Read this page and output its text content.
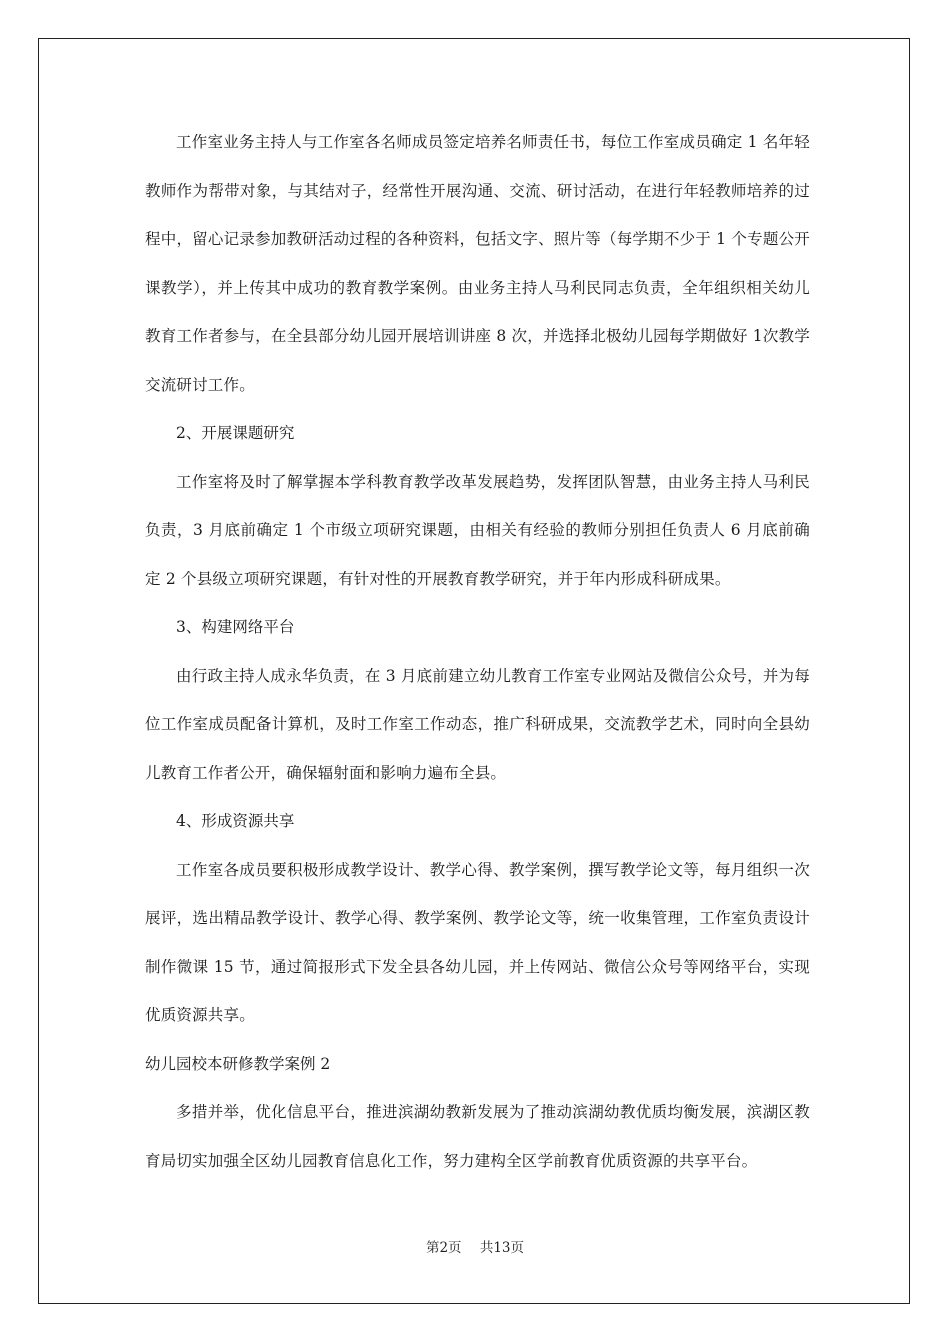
工作室业务主持人与工作室各名师成员签定培养名师责任书，每位工作室成员确定 1 名年轻教师作为帮带对象，与其结对子，经常性开展沟通、交流、研讨活动，在进行年轻教师培养的过程中，留心记录参加教研活动过程的各种资料，包括文字、照片等（每学期不少于 1 个专题公开课教学），并上传其中成功的教育教学案例。由业务主持人马利民同志负责，全年组织相关幼儿教育工作者参与，在全县部分幼儿园开展培训讲座 8 次，并选择北极幼儿园每学期做好 1次教学交流研讨工作。

2、开展课题研究

工作室将及时了解掌握本学科教育教学改革发展趋势，发挥团队智慧，由业务主持人马利民负责，3 月底前确定 1 个市级立项研究课题，由相关有经验的教师分别担任负责人 6 月底前确定 2 个县级立项研究课题，有针对性的开展教育教学研究，并于年内形成科研成果。

3、构建网络平台

由行政主持人成永华负责，在 3 月底前建立幼儿教育工作室专业网站及微信公众号，并为每位工作室成员配备计算机，及时工作室工作动态，推广科研成果，交流教学艺术，同时向全县幼儿教育工作者公开，确保辐射面和影响力遍布全县。

4、形成资源共享

工作室各成员要积极形成教学设计、教学心得、教学案例，撰写教学论文等，每月组织一次展评，选出精品教学设计、教学心得、教学案例、教学论文等，统一收集管理，工作室负责设计制作微课 15 节，通过简报形式下发全县各幼儿园，并上传网站、微信公众号等网络平台，实现优质资源共享。

幼儿园校本研修教学案例 2

多措并举，优化信息平台，推进滨湖幼教新发展为了推动滨湖幼教优质均衡发展，滨湖区教育局切实加强全区幼儿园教育信息化工作，努力建构全区学前教育优质资源的共享平台。

第2页 共13页
